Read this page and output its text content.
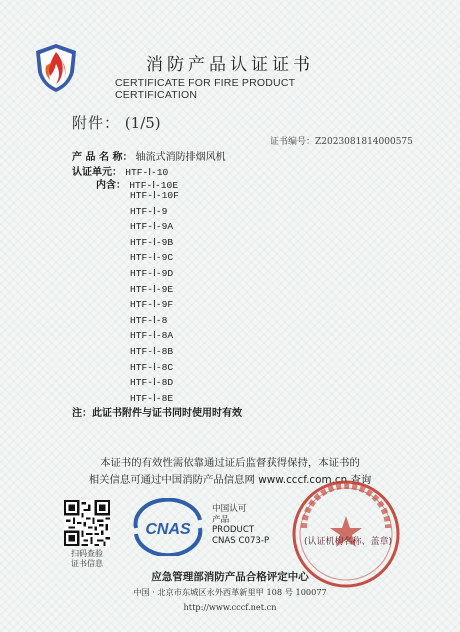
消防产品认证证书
CERTIFICATE FOR FIRE PRODUCT CERTIFICATION
附件： (1/5)
证书编号：Z2023081814000575
产 品 名 称： 轴流式消防排烟风机
认证单元： HTF-Ⅰ-10
内含： HTF-Ⅰ-10E
HTF-Ⅰ-10F
HTF-Ⅰ-9
HTF-Ⅰ-9A
HTF-Ⅰ-9B
HTF-Ⅰ-9C
HTF-Ⅰ-9D
HTF-Ⅰ-9E
HTF-Ⅰ-9F
HTF-Ⅰ-8
HTF-Ⅰ-8A
HTF-Ⅰ-8B
HTF-Ⅰ-8C
HTF-Ⅰ-8D
HTF-Ⅰ-8E
注：此证书附件与证书同时使用时有效
本证书的有效性需依靠通过证后监督获得保持，本证书的
相关信息可通过中国消防产品信息网 www.cccf.com.cn 查询
扫码查验
证书信息
CNAS
中国认可
产品
PRODUCT
CNAS C073-P	(认证机构名称、盖章)
应急管理部消防产品合格评定中心
中国 · 北京市东城区永外西革新里甲 108 号 100077
http://www.cccf.net.cn
